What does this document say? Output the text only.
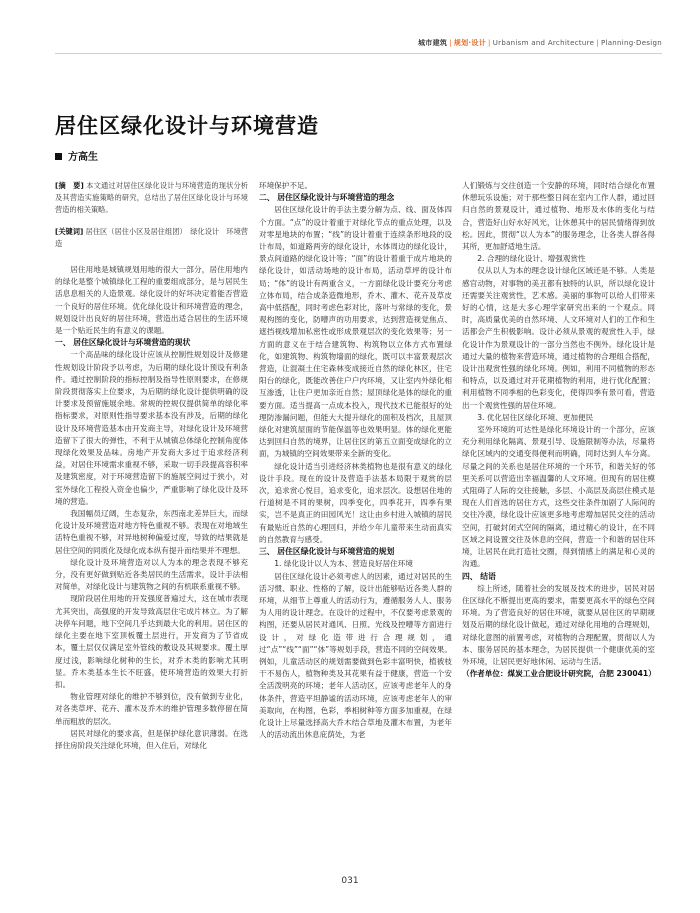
城市建筑 | 规划·设计 | Urbanism and Architecture | Planning·Design
居住区绿化设计与环境营造
方高生

[摘　要] 本文通过对居住区绿化设计与环境营造的现状分析及其营造实施策略的研究，总结出了居住区绿化设计与环境营造的相关策略。

[关键词] 居住区（居住小区及居住组团）　绿化设计　环境营造

居住用地是城镇规划用地的很大一部分，居住用地内的绿化是整个城镇绿化工程的重要组成部分，是与居民生活息息相关的人造景观。绿化设计的好坏决定着能否营造一个良好的居住环境。优化绿化设计和环境营造的理念，规划设计出良好的居住环境，营造出适合居住的生活环境是一个贴近民生的有意义的课题。

一、 居住区绿化设计与环境营造的现状

一个高品味的绿化设计应该从控制性规划设计及修建性规划设计阶段予以考虑，为后期的绿化设计预设有利条件。通过控制阶段的指标控制及指导性原则要求，在修规阶段贯彻落实上位要求，为后期的绿化设计提供明确的设计要求及预留施展余地。常规的控规仅提供简单的绿化率指标要求，对原则性指导要求基本没有涉及，后期的绿化设计及环境营造基本由开发商主导，对绿化设计及环境营造留下了很大的弹性，不利于从城镇总体绿化控制角度体现绿化效果及品味。房地产开发商大多过于追求经济利益，对居住环境需求重视不够，采取一切手段提高容积率及建筑密度，对于环境营造留下的施展空间过于狭小，对室外绿化工程投入资金也偏少，严重影响了绿化设计及环境的营造。

我国幅员辽阔，生态复杂，东西南北差异巨大，而绿化设计及环境营造对地方特色重视不够。表现在对地域生活特色重视不够，对异地树种偏爱过度，导致的结果就是居住空间的同质化及绿化成本纵有提升而结果并不理想。

绿化设计及环境营造对以人为本的理念表现不够充分，没有更好做到贴近各类居民的生活需求，设计手法相对简单，对绿化设计与建筑物之间的有机联系重视不够。

现阶段居住用地的开发强度普遍过大，这在城市表现尤其突出，高强度的开发导致高层住宅成片林立。为了解决停车问题，地下空间几乎达到最大化的利用。居住区的绿化主要在地下室顶板覆土层进行，开发商为了节省成本，覆土层仅仅满足室外管线的敷设及其规要求。覆土厚度过浅，影响绿化树种的生长，对乔木类的影响尤其明显。乔木类基本生长不旺盛，使环境营造的效果大打折扣。

物业管理对绿化的维护不够到位，没有做到专业化，对各类草坪、花卉、灌木及乔木的维护管理多数停留在简单而粗放的层次。

居民对绿化的要求高，但是保护绿化意识薄弱。在选择住房阶段关注绿化环境，但入住后，对绿化

环境保护不足。

二、 居住区绿化设计与环境营造的理念

居住区绿化设计的手法主要分解为点、线、面及体四个方面。“点”的设计着重于对绿化节点的重点处理，以及对零星地块的布置；“线”的设计着重于连续条形地段的设计布局，如道路两旁的绿化设计，水体周边的绿化设计，景点间道路的绿化设计等；“面”的设计着重于成片地块的绿化设计，如活动场地的设计布局，活动草坪的设计布局；“体”的设计有两重含义，一方面绿化设计要充分考虑立体布局，结合成条造微地形，乔木、灌木、花卉及草皮高中低搭配，同时考虑色彩对比，落叶与常绿的变化，景观构图的变化，防嘈声的功用要求，达到营造视觉焦点、遮挡视线增加私密性或形成景观层次的变化效果等；另一方面的意义在于结合建筑物、构筑物以立体方式布置绿化，如建筑物、构筑物墙面的绿化，既可以丰富景观层次营造，让混凝土住宅森林变成接近自然的绿化林区，住宅阳台的绿化，既能改善住户户内环境，又让室内外绿化相互渗透，让住户更加亲近自然；屋顶绿化是体的绿化的重要方面。适当提高一点成本投入，现代技术已能很好的处理防渗漏问题，但能大大提升绿化的面积及档次，且屋顶绿化对建筑屋面的节能保温等也效果明显。体的绿化更能达到回归自然的境界，让居住区的第五立面变成绿化的立面，为城镇的空间效果带来全新的变化。

绿化设计适当引进经济林类植物也是很有意义的绿化设计手段。现在的设计及营造手法基本局限于观赏的层次，追求赏心悦目，追求变化，追求层次。设想居住地的行道树是不同的果树，四季变化，四季花开，四季有果实，岂不是真正的田园风光！这让由乡村进入城镇的居民有最贴近自然的心理回归，并给少年儿童带来生动而真实的自然教育与感受。

三、 居住区绿化设计与环境营造的规划

1. 绿化设计以人为本、营造良好居住环境

居住区绿化设计必须考虑人的因素，通过对居民的生活习惯、职业、性格的了解，设计出能够贴近各类人群的环境，从细节上尊重人的活动行为，遵循服务人人、服务为人用的设计理念。在设计的过程中，不仅要考虑景观的构图，还要从居民对通风、日照、光线及控嘈等方面进行设计，对绿化造带进行合理规划，通过“点”“线”“面”“体”等规划手段，营造不同的空间效果。例如，儿童活动区的规划需要做到色彩丰富明快，植被枝干不易伤人，植物种类及其花果有益于健康，营造一个安全活泼明亮的环境；老年人活动区，应该考虑老年人的身体条件，营造平坦静谧的活动环境，应该考虑老年人的审美取向，在构图，色彩，季相树种等方面多加重视，在绿化设计上尽量选择高大乔木结合草地及灌木布置，为老年人的活动流出休息庇荫处，为老

人们锻炼与交往创造一个安静的环境，同时结合绿化布置休憩玩乐设施；对于那些整日间在室内工作人群，通过回归自然的景观设计，通过植物、地形及水体的变化与结合，营造好山好水好风光，让休憩其中的居民情绪得到放松。因此，贯彻“以人为本”的服务理念，让各类人群各得其所，更加舒适地生活。

2. 合理的绿化设计、增强观赏性

仅从以人为本的理念设计绿化区域还是不够。人类是感官动物，对事物的美丑都有独特的认识，所以绿化设计还需要关注观赏性，艺术感。美丽的事物可以给人们带来好的心情，这是大多心理学家研究出来的一个观点。同时，高质量优美的自然环境、人文环境对人们的工作和生活都会产生积极影响。设计必须从景观的观赏性入手，绿化设计作为景观设计的一部分当然也不例外。绿化设计是通过大量的植物来营造环境，通过植物的合理组合搭配，设计出观赏性强的绿化环境。例如，利用不同植物的形态和特点，以及通过对开花期植物的利用，进行优化配置；利用植物不同季相的色彩变化，使得四季有景可看，营造出一个观赏性强的居住环境。

3. 优化居住区绿化环境、更加便民

室外环境的可达性是绿化环境设计的一个部分，应该充分利用绿化隔离、景观引导、设施限制等办法，尽量将绿化区域内的交通变得便利而明确，同时达到人车分离。尽量之间的关系也是居住环境的一个环节，和谐关好的邻里关系可以营造出幸福温馨的人文环境。但现有的居住模式阻碍了人际的交往接触，多层、小高层及高层住模式是现在人们首选的居住方式，这些交往条件加剧了人际间的交往冷漠，绿化设计应该更多地考虑增加居民交往的活动空间，打破封闭式空间的隔离，通过精心的设计，在不同区域之间设置交往及休息的空间，营造一个和谐的居住环境，让居民在此打造社交圈，得到情感上的满足和心灵的沟通。

四、 结语

综上所述，随着社会的发展及技术的进步，居民对居住区绿化不断提出更高的要求，需要更高水平的绿色空间环境。为了营造良好的居住环境，就要从居住区的早期规划及后期的绿化设计做起，通过对绿化用地的合理规划，对绿化意图的前置考虑，对植物的合理配置，贯彻以人为本、服务居民的基本理念，为居民提供一个健康优美的室外环境，让居民更好地休闲、运动与生活。

（作者单位：煤炭工业合肥设计研究院，合肥 230041）

031
